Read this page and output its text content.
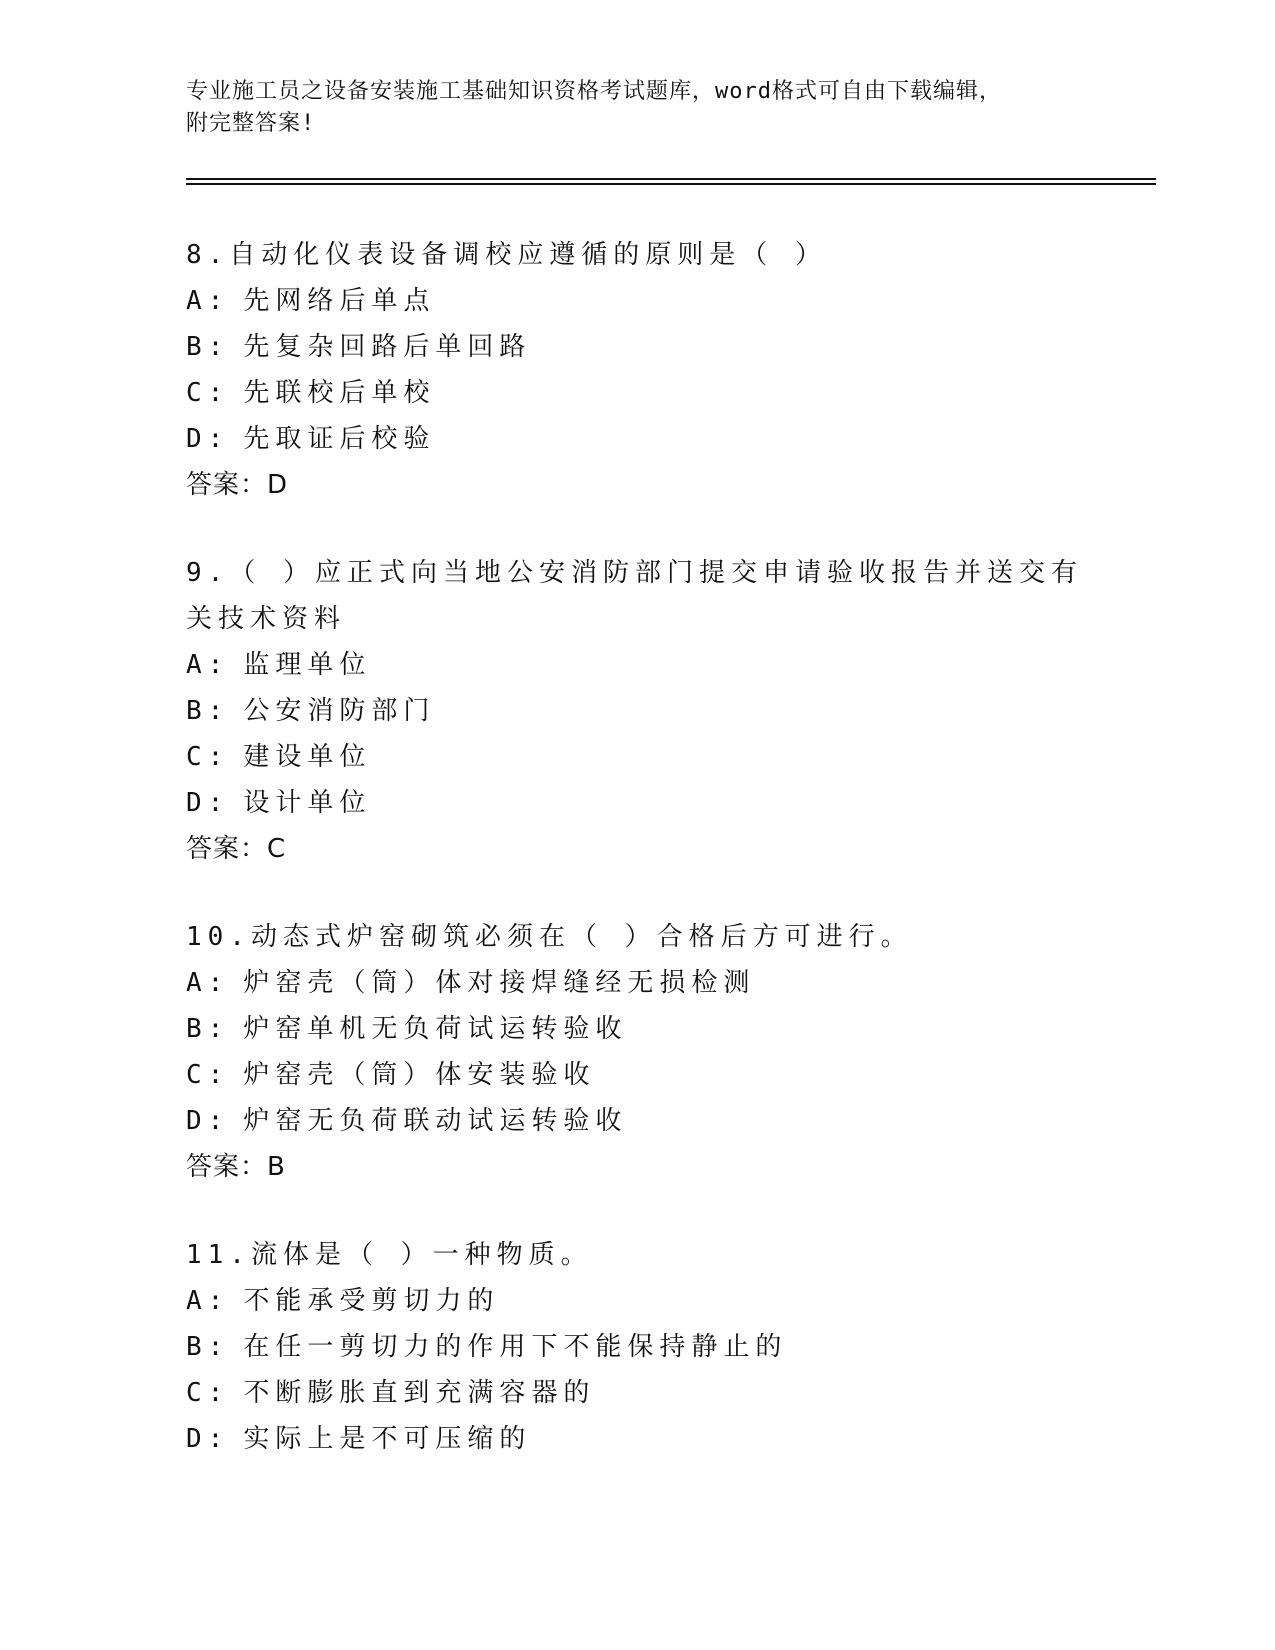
专业施工员之设备安装施工基础知识资格考试题库，word格式可自由下载编辑，
附完整答案!
8.自动化仪表设备调校应遵循的原则是（ ）
A: 先网络后单点
B: 先复杂回路后单回路
C: 先联校后单校
D: 先取证后校验
答案：D
9.（ ）应正式向当地公安消防部门提交申请验收报告并送交有关技术资料
A: 监理单位
B: 公安消防部门
C: 建设单位
D: 设计单位
答案：C
10.动态式炉窑砌筑必须在（ ）合格后方可进行。
A: 炉窑壳（筒）体对接焊缝经无损检测
B: 炉窑单机无负荷试运转验收
C: 炉窑壳（筒）体安装验收
D: 炉窑无负荷联动试运转验收
答案：B
11.流体是（ ）一种物质。
A: 不能承受剪切力的
B: 在任一剪切力的作用下不能保持静止的
C: 不断膨胀直到充满容器的
D: 实际上是不可压缩的
